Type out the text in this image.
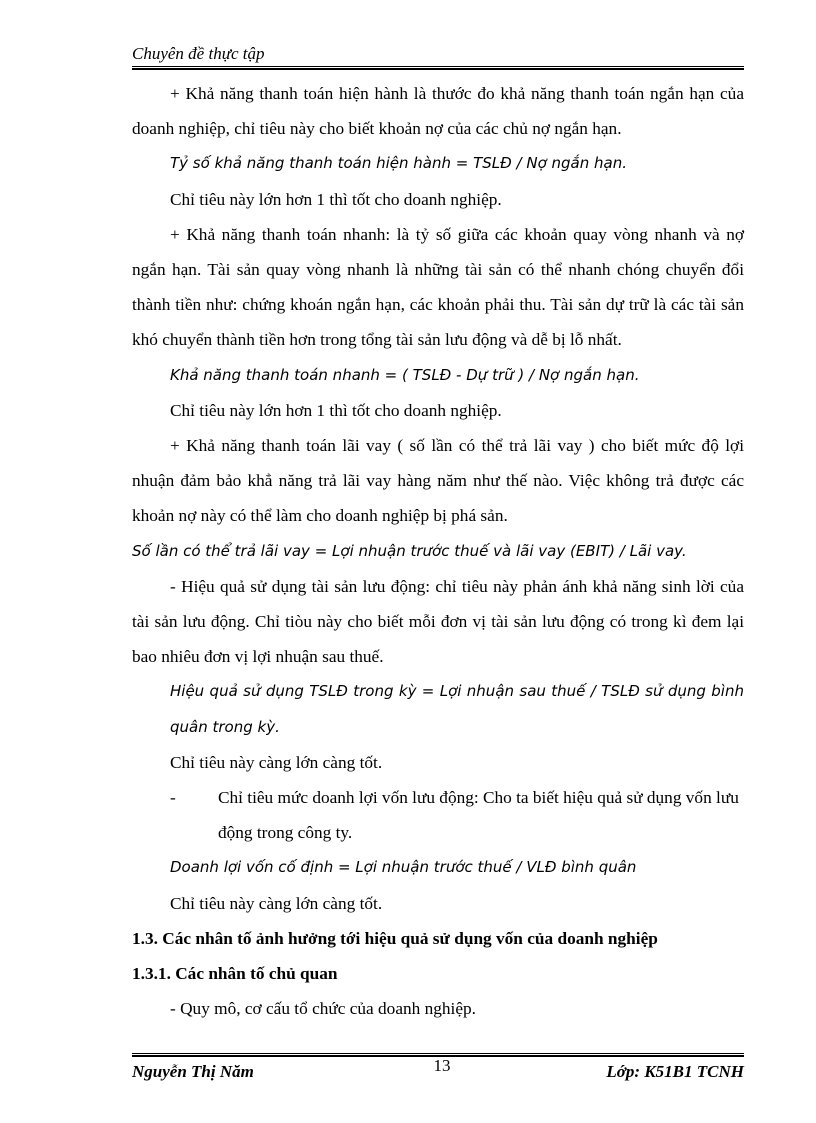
Chuyên đề thực tập

+ Khả năng thanh toán hiện hành là thước đo khả năng thanh toán ngắn hạn của doanh nghiệp, chỉ tiêu này cho biết khoản nợ của các chủ nợ ngắn hạn.

Tỷ số khả năng thanh toán hiện hành = TSLĐ / Nợ ngắn hạn.

Chỉ tiêu này lớn hơn 1 thì tốt cho doanh nghiệp.

+ Khả năng thanh toán nhanh: là tỷ số giữa các khoản quay vòng nhanh và nợ ngắn hạn. Tài sản quay vòng nhanh là những tài sản có thể nhanh chóng chuyển đổi thành tiền như: chứng khoán ngắn hạn, các khoản phải thu. Tài sản dự trữ là các tài sản khó chuyển thành tiền hơn trong tổng tài sản lưu động và dễ bị lỗ nhất.

Khả năng thanh toán nhanh = ( TSLĐ - Dự trữ ) / Nợ ngắn hạn.

Chỉ tiêu này lớn hơn 1 thì tốt cho doanh nghiệp.

+ Khả năng thanh toán lãi vay ( số lần có thể trả lãi vay ) cho biết mức độ lợi nhuận đảm bảo khẳ năng trả lãi vay hàng năm như thế nào. Việc không trả được các khoản nợ này có thể làm cho doanh nghiệp bị phá sản.

Số lần có thể trả lãi vay = Lợi nhuận trước thuế và lãi vay (EBIT) / Lãi vay.

- Hiệu quả sử dụng tài sản lưu động: chỉ tiêu này phản ánh khả năng sinh lời của tài sản lưu động. Chỉ tiòu này cho biết mỗi đơn vị tài sản lưu động có trong kì đem lại bao nhiêu đơn vị lợi nhuận sau thuế.

Hiệu quả sử dụng TSLĐ trong kỳ = Lợi nhuận sau thuế / TSLĐ sử dụng bình quân trong kỳ.

Chỉ tiêu này càng lớn càng tốt.

-	Chỉ tiêu mức doanh lợi vốn lưu động: Cho ta biết hiệu quả sử dụng vốn lưu động trong công ty.

Doanh lợi vốn cố định = Lợi nhuận trước thuế / VLĐ bình quân

Chỉ tiêu này càng lớn càng tốt.

1.3. Các nhân tố ảnh hưởng tới hiệu quả sử dụng vốn của doanh nghiệp

1.3.1. Các nhân tố chủ quan

- Quy mô, cơ cấu tổ chức của doanh nghiệp.

Nguyễn Thị Năm	13	Lớp: K51B1 TCNH
